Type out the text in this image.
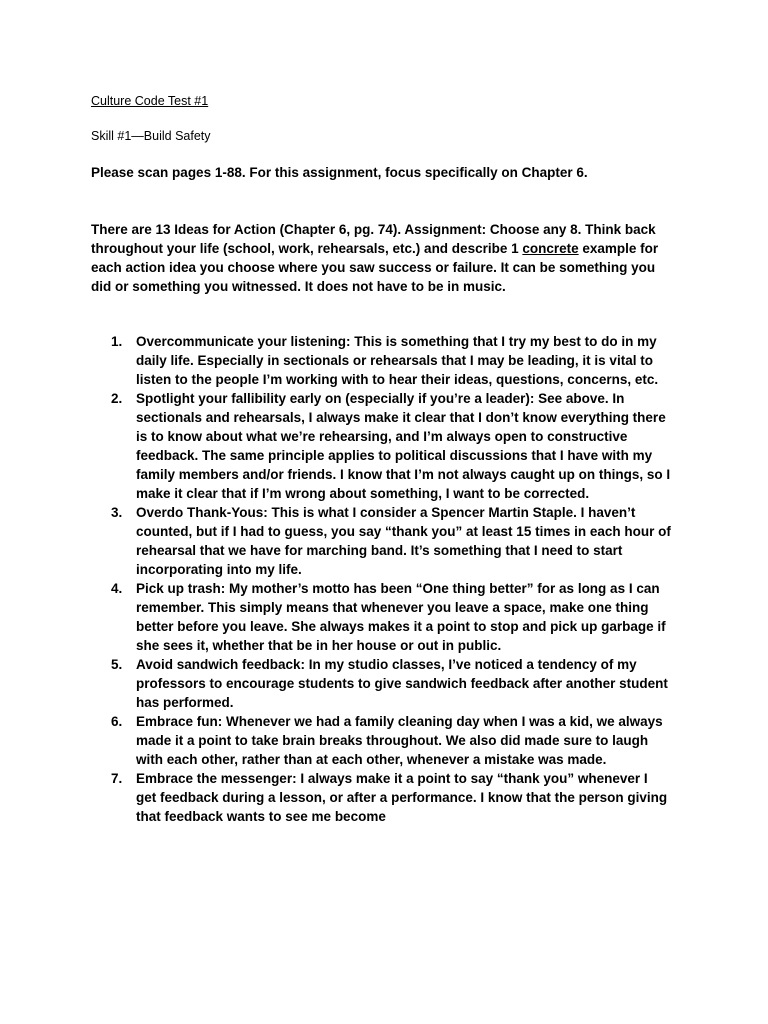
Culture Code Test #1
Skill #1—Build Safety

Please scan pages 1-88. For this assignment, focus specifically on Chapter 6.

There are 13 Ideas for Action (Chapter 6, pg. 74). Assignment: Choose any 8. Think back throughout your life (school, work, rehearsals, etc.) and describe 1 concrete example for each action idea you choose where you saw success or failure. It can be something you did or something you witnessed. It does not have to be in music.

1. Overcommunicate your listening: This is something that I try my best to do in my daily life. Especially in sectionals or rehearsals that I may be leading, it is vital to listen to the people I’m working with to hear their ideas, questions, concerns, etc.
2. Spotlight your fallibility early on (especially if you’re a leader): See above. In sectionals and rehearsals, I always make it clear that I don’t know everything there is to know about what we’re rehearsing, and I’m always open to constructive feedback. The same principle applies to political discussions that I have with my family members and/or friends. I know that I’m not always caught up on things, so I make it clear that if I’m wrong about something, I want to be corrected.
3. Overdo Thank-Yous: This is what I consider a Spencer Martin Staple. I haven’t counted, but if I had to guess, you say “thank you” at least 15 times in each hour of rehearsal that we have for marching band. It’s something that I need to start incorporating into my life.
4. Pick up trash: My mother’s motto has been “One thing better” for as long as I can remember. This simply means that whenever you leave a space, make one thing better before you leave. She always makes it a point to stop and pick up garbage if she sees it, whether that be in her house or out in public.
5. Avoid sandwich feedback: In my studio classes, I’ve noticed a tendency of my professors to encourage students to give sandwich feedback after another student has performed.
6. Embrace fun: Whenever we had a family cleaning day when I was a kid, we always made it a point to take brain breaks throughout. We also did made sure to laugh with each other, rather than at each other, whenever a mistake was made.
7. Embrace the messenger: I always make it a point to say “thank you” whenever I get feedback during a lesson, or after a performance. I know that the person giving that feedback wants to see me become
